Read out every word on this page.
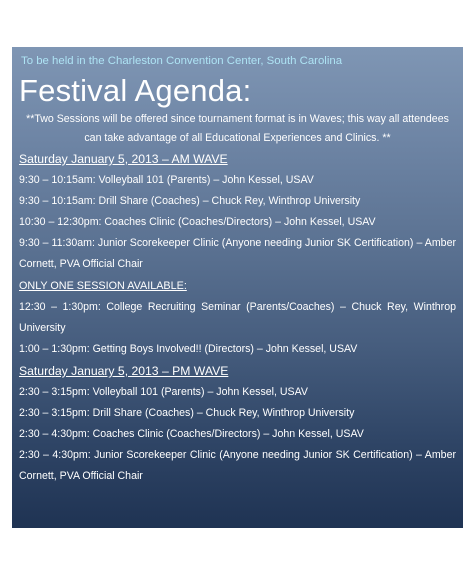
To be held in the Charleston Convention Center, South Carolina
Festival Agenda:
**Two Sessions will be offered since tournament format is in Waves; this way all attendees can take advantage of all Educational Experiences and Clinics. **
Saturday January 5, 2013 – AM WAVE
9:30 – 10:15am: Volleyball 101 (Parents) – John Kessel, USAV
9:30 – 10:15am: Drill Share (Coaches) – Chuck Rey, Winthrop University
10:30 – 12:30pm: Coaches Clinic (Coaches/Directors) – John Kessel, USAV
9:30 – 11:30am: Junior Scorekeeper Clinic (Anyone needing Junior SK Certification) – Amber Cornett, PVA Official Chair
ONLY ONE SESSION AVAILABLE:
12:30 – 1:30pm: College Recruiting Seminar (Parents/Coaches) – Chuck Rey, Winthrop University
1:00 – 1:30pm: Getting Boys Involved!! (Directors) – John Kessel, USAV
Saturday January 5, 2013 – PM WAVE
2:30 – 3:15pm: Volleyball 101 (Parents) – John Kessel, USAV
2:30 – 3:15pm: Drill Share (Coaches) – Chuck Rey, Winthrop University
2:30 – 4:30pm: Coaches Clinic (Coaches/Directors) – John Kessel, USAV
2:30 – 4:30pm: Junior Scorekeeper Clinic (Anyone needing Junior SK Certification) – Amber Cornett, PVA Official Chair
